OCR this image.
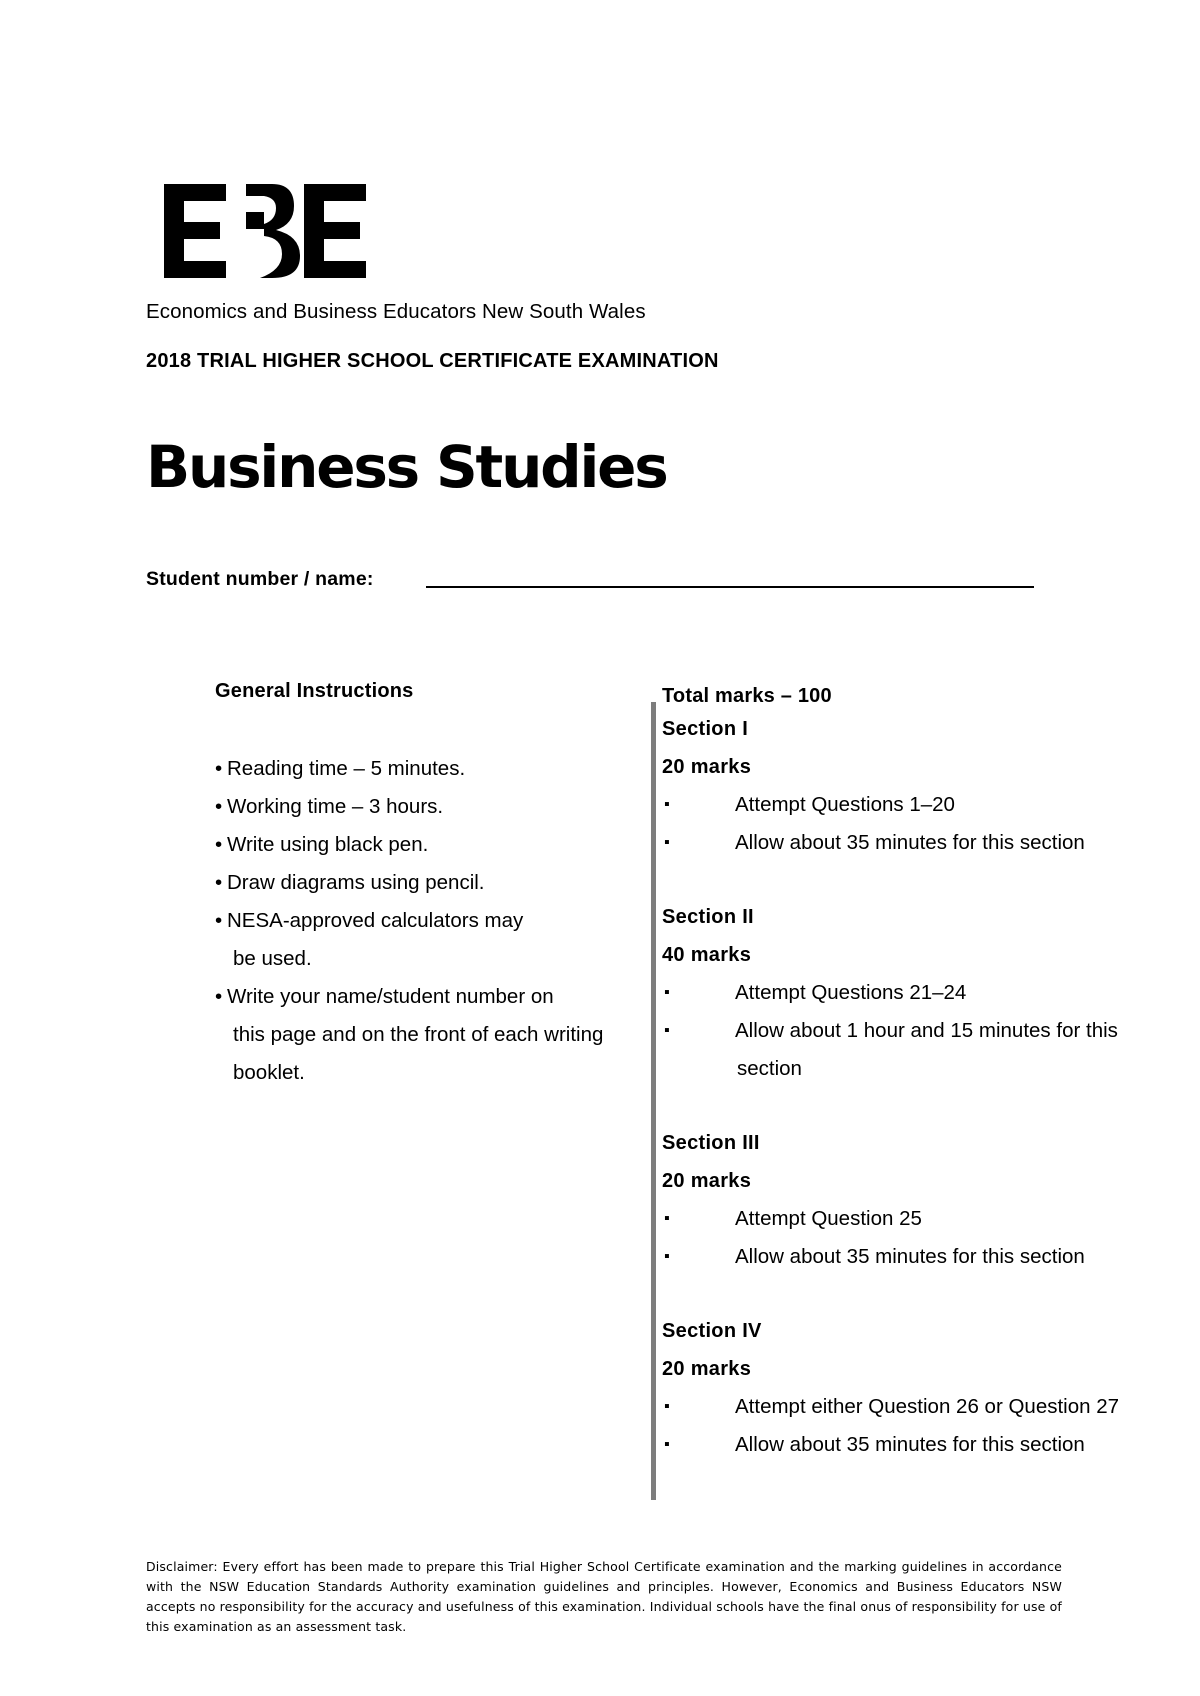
Economics and Business Educators New South Wales
2018 TRIAL HIGHER SCHOOL CERTIFICATE EXAMINATION
Business Studies
Student number / name:
General Instructions
• Reading time – 5 minutes.
• Working time – 3 hours.
• Write using black pen.
• Draw diagrams using pencil.
• NESA-approved calculators may
be used.
• Write your name/student number on
this page and on the front of each writing
booklet.
Total marks – 100
Section I
20 marks
▪	Attempt Questions 1–20
▪	Allow about 35 minutes for this section
Section II
40 marks
▪	Attempt Questions 21–24
▪	Allow about 1 hour and 15 minutes for this
section
Section III
20 marks
▪	Attempt Question 25
▪	Allow about 35 minutes for this section
Section IV
20 marks
▪	Attempt either Question 26 or Question 27
▪	Allow about 35 minutes for this section
Disclaimer: Every effort has been made to prepare this Trial Higher School Certificate examination and the marking guidelines in accordance with the NSW Education Standards Authority examination guidelines and principles. However, Economics and Business Educators NSW accepts no responsibility for the accuracy and usefulness of this examination. Individual schools have the final onus of responsibility for use of this examination as an assessment task.
